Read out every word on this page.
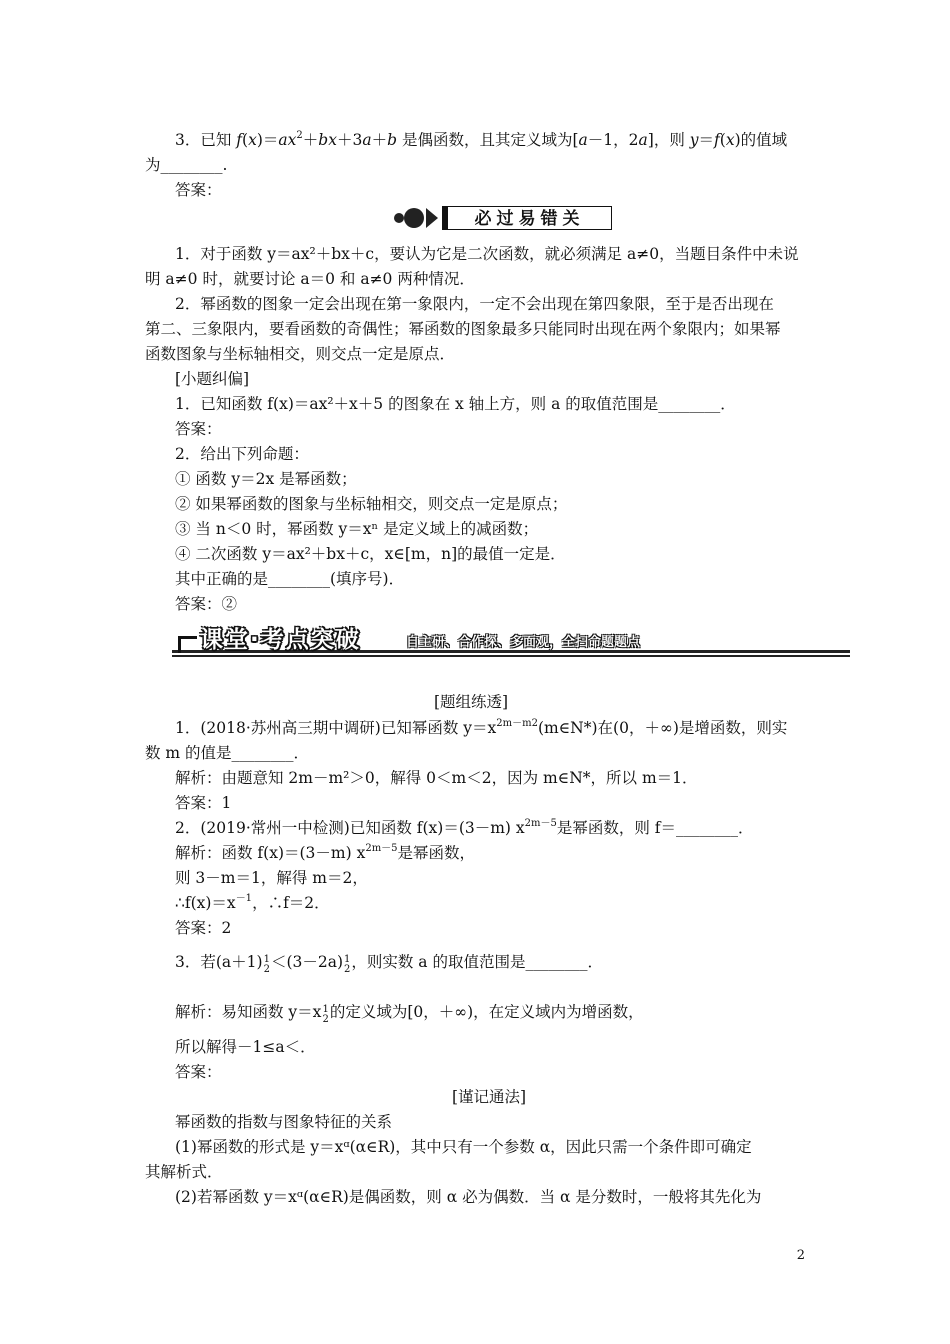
3．已知 $f(x)=ax^2+bx+3a+b$ 是偶函数，且其定义域为[a－1，2a]，则 y＝f(x)的值域
为________.
答案：
必过易错关
1．对于函数 y＝ax²＋bx＋c，要认为它是二次函数，就必须满足 a≠0，当题目条件中未说
明 a≠0 时，就要讨论 a＝0 和 a≠0 两种情况．
2．幂函数的图象一定会出现在第一象限内，一定不会出现在第四象限，至于是否出现在
第二、三象限内，要看函数的奇偶性；幂函数的图象最多只能同时出现在两个象限内；如果幂
函数图象与坐标轴相交，则交点一定是原点．
[小题纠偏]
1．已知函数 f(x)＝ax²＋x＋5 的图象在 x 轴上方，则 a 的取值范围是________．
答案：
2．给出下列命题：
① 函数 y＝2x 是幂函数；
② 如果幂函数的图象与坐标轴相交，则交点一定是原点；
③ 当 n＜0 时，幂函数 y＝xⁿ 是定义域上的减函数；
④ 二次函数 y＝ax²＋bx＋c，x∈[m，n]的最值一定是．
其中正确的是________(填序号)．
答案：②
课堂·考点突破	自主研、合作探、多面观，全扫命题题点
[题组练透]
1．(2018·苏州高三期中调研)已知幂函数 $y=x^{2m-m2}(m\in N*)$在(0，＋∞)是增函数，则实
数 m 的值是________．
解析：由题意知 2m－m²＞0，解得 0＜m＜2，因为 m∈N*，所以 m＝1．
答案：1
2．(2019·常州一中检测)已知函数 f(x)＝(3－m) $x^{2m-5}$是幂函数，则 f＝________．
解析：函数 f(x)＝(3－m) $x^{2m-5}$是幂函数，
则 3－m＝1，解得 m＝2，
$\therefore f(x)=x^{-1}$，∴f＝2．
答案：2
3．若(a＋1) 1
2 ＜(3－2a) 1
2 ，则实数 a 的取值范围是________．
解析：易知函数 y＝x 1
2 的定义域为[0，＋∞)，在定义域内为增函数，
所以解得－1≤a＜．
答案：
[谨记通法]
幂函数的指数与图象特征的关系
(1)幂函数的形式是 y＝xᵅ(α∈R)，其中只有一个参数 α，因此只需一个条件即可确定
其解析式．
(2)若幂函数 y＝xᵅ(α∈R)是偶函数，则 α 必为偶数．当 α 是分数时，一般将其先化为
2
